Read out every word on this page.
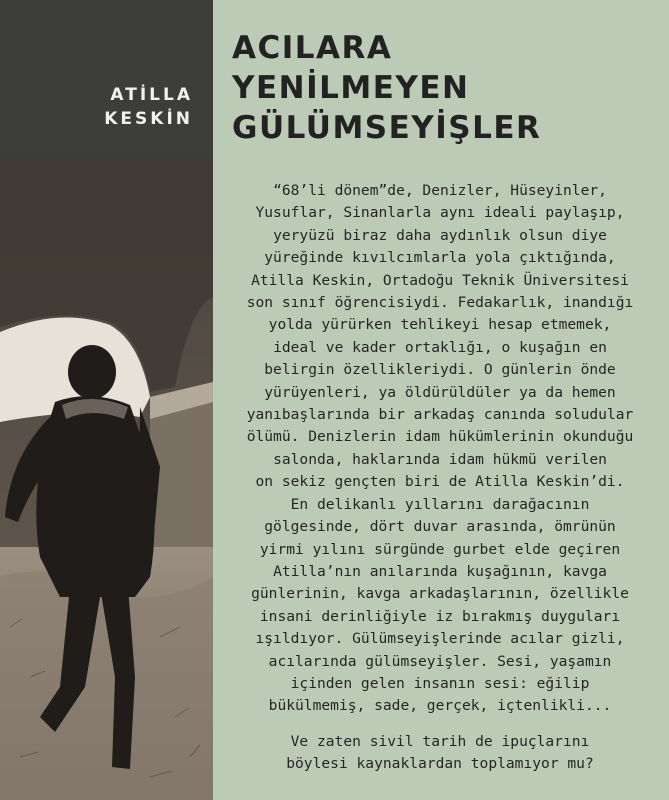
ATİLLA
KESKİN
ACILARA
YENİLMEYEN
GÜLÜMSEYİŞLER

“68’li dönem”de, Denizler, Hüseyinler,
Yusuflar, Sinanlarla aynı ideali paylaşıp,
yeryüzü biraz daha aydınlık olsun diye
yüreğinde kıvılcımlarla yola çıktığında,
Atilla Keskin, Ortadoğu Teknik Üniversitesi
son sınıf öğrencisiydi. Fedakarlık, inandığı
yolda yürürken tehlikeyi hesap etmemek,
ideal ve kader ortaklığı, o kuşağın en
belirgin özellikleriydi. O günlerin önde
yürüyenleri, ya öldürüldüler ya da hemen
yanıbaşlarında bir arkadaş canında soludular
ölümü. Denizlerin idam hükümlerinin okunduğu
salonda, haklarında idam hükmü verilen
on sekiz gençten biri de Atilla Keskin’di.
En delikanlı yıllarını darağacının
gölgesinde, dört duvar arasında, ömrünün
yirmi yılını sürgünde gurbet elde geçiren
Atilla’nın anılarında kuşağının, kavga
günlerinin, kavga arkadaşlarının, özellikle
insani derinliğiyle iz bırakmış duyguları
ışıldıyor. Gülümseyişlerinde acılar gizli,
acılarında gülümseyişler. Sesi, yaşamın
içinden gelen insanın sesi: eğilip
bükülmemiş, sade, gerçek, içtenlikli...

Ve zaten sivil tarih de ipuçlarını
böylesi kaynaklardan toplamıyor mu?
